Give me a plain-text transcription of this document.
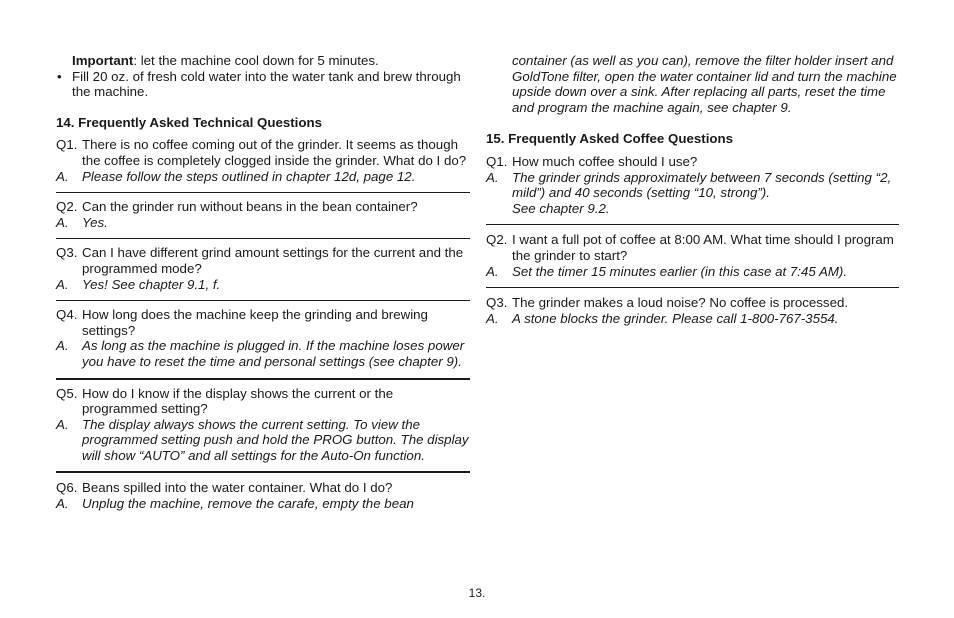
Important: let the machine cool down for 5 minutes.

• Fill 20 oz. of fresh cold water into the water tank and brew through the machine.

14. Frequently Asked Technical Questions

Q1. There is no coffee coming out of the grinder. It seems as though the coffee is completely clogged inside the grinder. What do I do?

A. Please follow the steps outlined in chapter 12d, page 12.

Q2. Can the grinder run without beans in the bean container?

A. Yes.

Q3. Can I have different grind amount settings for the current and the programmed mode?

A. Yes! See chapter 9.1, f.

Q4. How long does the machine keep the grinding and brewing settings?

A. As long as the machine is plugged in. If the machine loses power you have to reset the time and personal settings (see chapter 9).

Q5. How do I know if the display shows the current or the programmed setting?

A. The display always shows the current setting. To view the programmed setting push and hold the PROG button. The display will show “AUTO” and all settings for the Auto-On function.

Q6. Beans spilled into the water container. What do I do?

A. Unplug the machine, remove the carafe, empty the bean

container (as well as you can), remove the filter holder insert and GoldTone filter, open the water container lid and turn the machine upside down over a sink. After replacing all parts, reset the time and program the machine again, see chapter 9.

15. Frequently Asked Coffee Questions

Q1. How much coffee should I use?

A. The grinder grinds approximately between 7 seconds (setting “2, mild”) and 40 seconds (setting “10, strong”).

See chapter 9.2.

Q2. I want a full pot of coffee at 8:00 AM. What time should I program the grinder to start?

A. Set the timer 15 minutes earlier (in this case at 7:45 AM).

Q3. The grinder makes a loud noise? No coffee is processed.

A. A stone blocks the grinder. Please call 1-800-767-3554.

13.
